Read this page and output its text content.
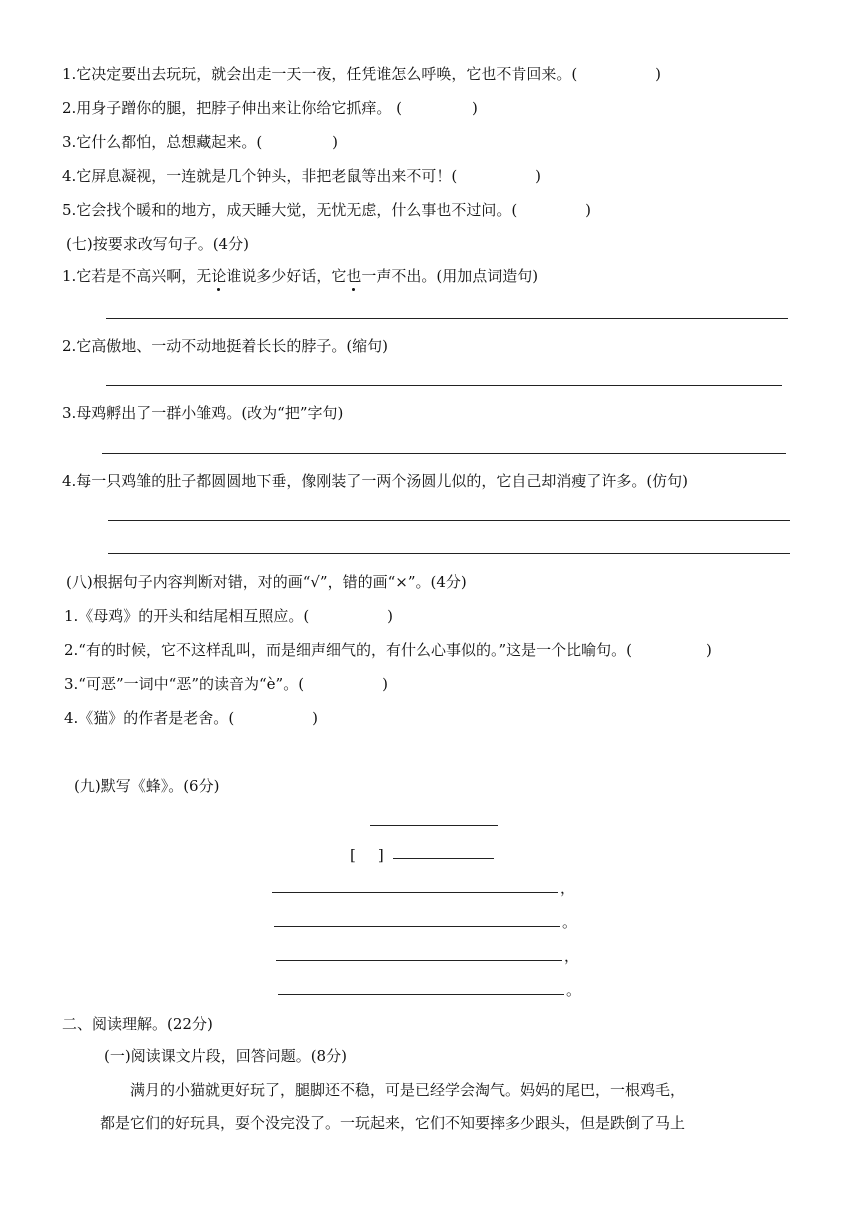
1.它决定要出去玩玩，就会出走一天一夜，任凭谁怎么呼唤，它也不肯回来。(	)
2.用身子蹭你的腿，把脖子伸出来让你给它抓痒。 (	)
3.它什么都怕，总想藏起来。(	)
4.它屏息凝视，一连就是几个钟头，非把老鼠等出来不可！(	)
5.它会找个暖和的地方，成天睡大觉，无忧无虑，什么事也不过问。(	)
(七)按要求改写句子。(4分)
1.它若是不高兴啊，无论谁说多少好话，它也一声不出。(用加点词造句)
2.它高傲地、一动不动地挺着长长的脖子。(缩句)
3.母鸡孵出了一群小雏鸡。(改为“把”字句)
4.每一只鸡雏的肚子都圆圆地下垂，像刚装了一两个汤圆儿似的，它自己却消瘦了许多。(仿句)
(八)根据句子内容判断对错，对的画“√”，错的画“×”。(4分)
1.《母鸡》的开头和结尾相互照应。(	)
2.“有的时候，它不这样乱叫，而是细声细气的，有什么心事似的。”这是一个比喻句。(	)
3.“可恶”一词中“恶”的读音为“è”。(	)
4.《猫》的作者是老舍。(	)
(九)默写《蜂》。(6分)
[ ]
，
。
，
。
二、阅读理解。(22分)
(一)阅读课文片段，回答问题。(8分)
满月的小猫就更好玩了，腿脚还不稳，可是已经学会淘气。妈妈的尾巴，一根鸡毛，
都是它们的好玩具，耍个没完没了。一玩起来，它们不知要摔多少跟头，但是跌倒了马上
